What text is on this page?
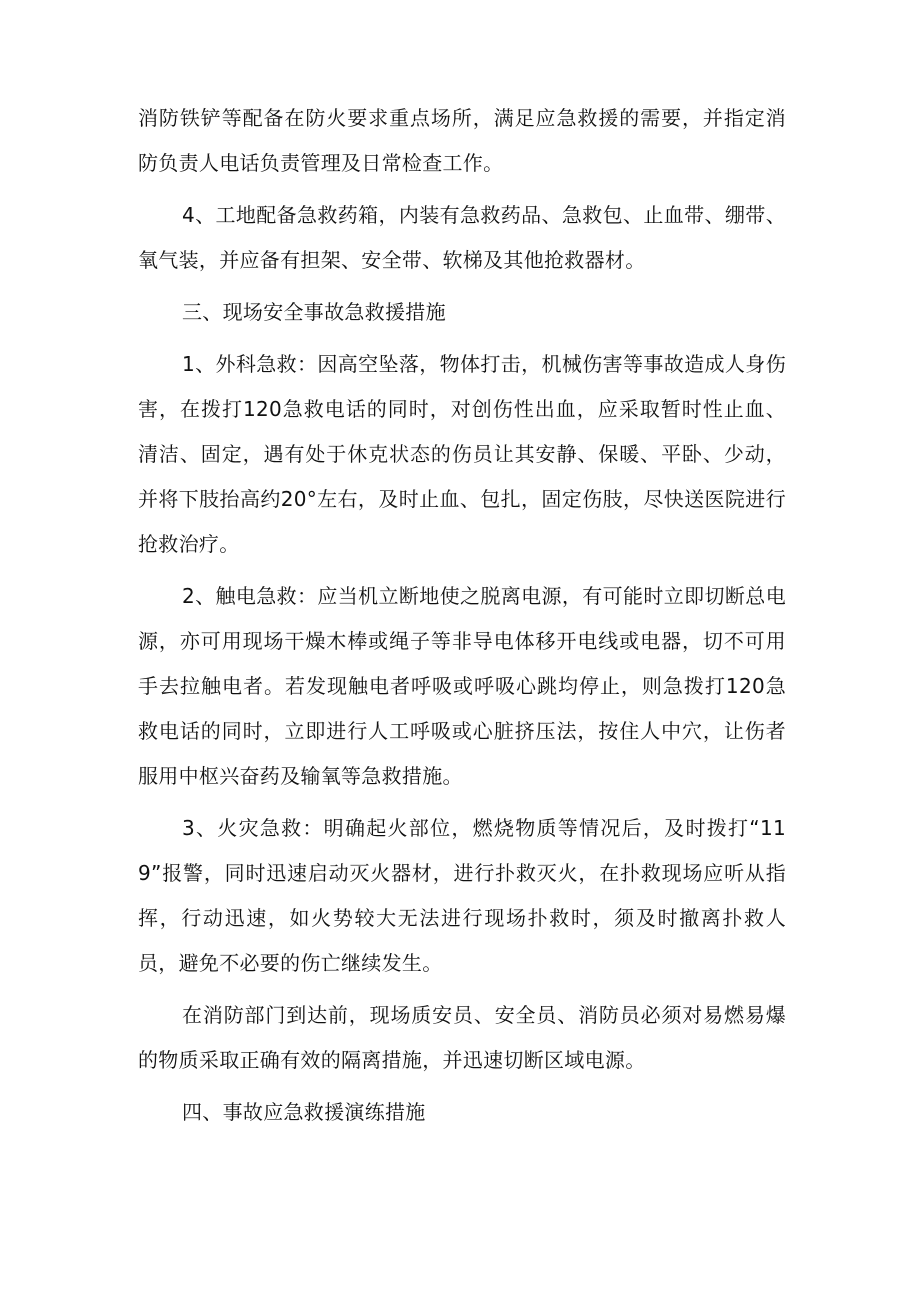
消防铁铲等配备在防火要求重点场所，满足应急救援的需要，并指定消防负责人电话负责管理及日常检查工作。

4、工地配备急救药箱，内装有急救药品、急救包、止血带、绷带、氧气装，并应备有担架、安全带、软梯及其他抢救器材。

三、现场安全事故急救援措施

1、外科急救：因高空坠落，物体打击，机械伤害等事故造成人身伤害，在拨打120急救电话的同时，对创伤性出血，应采取暂时性止血、清洁、固定，遇有处于休克状态的伤员让其安静、保暖、平卧、少动，并将下肢抬高约20°左右，及时止血、包扎，固定伤肢，尽快送医院进行抢救治疗。

2、触电急救：应当机立断地使之脱离电源，有可能时立即切断总电源，亦可用现场干燥木棒或绳子等非导电体移开电线或电器，切不可用手去拉触电者。若发现触电者呼吸或呼吸心跳均停止，则急拨打120急救电话的同时，立即进行人工呼吸或心脏挤压法，按住人中穴，让伤者服用中枢兴奋药及输氧等急救措施。

3、火灾急救：明确起火部位，燃烧物质等情况后，及时拨打“119”报警，同时迅速启动灭火器材，进行扑救灭火，在扑救现场应听从指挥，行动迅速，如火势较大无法进行现场扑救时，须及时撤离扑救人员，避免不必要的伤亡继续发生。

在消防部门到达前，现场质安员、安全员、消防员必须对易燃易爆的物质采取正确有效的隔离措施，并迅速切断区域电源。

四、事故应急救援演练措施
